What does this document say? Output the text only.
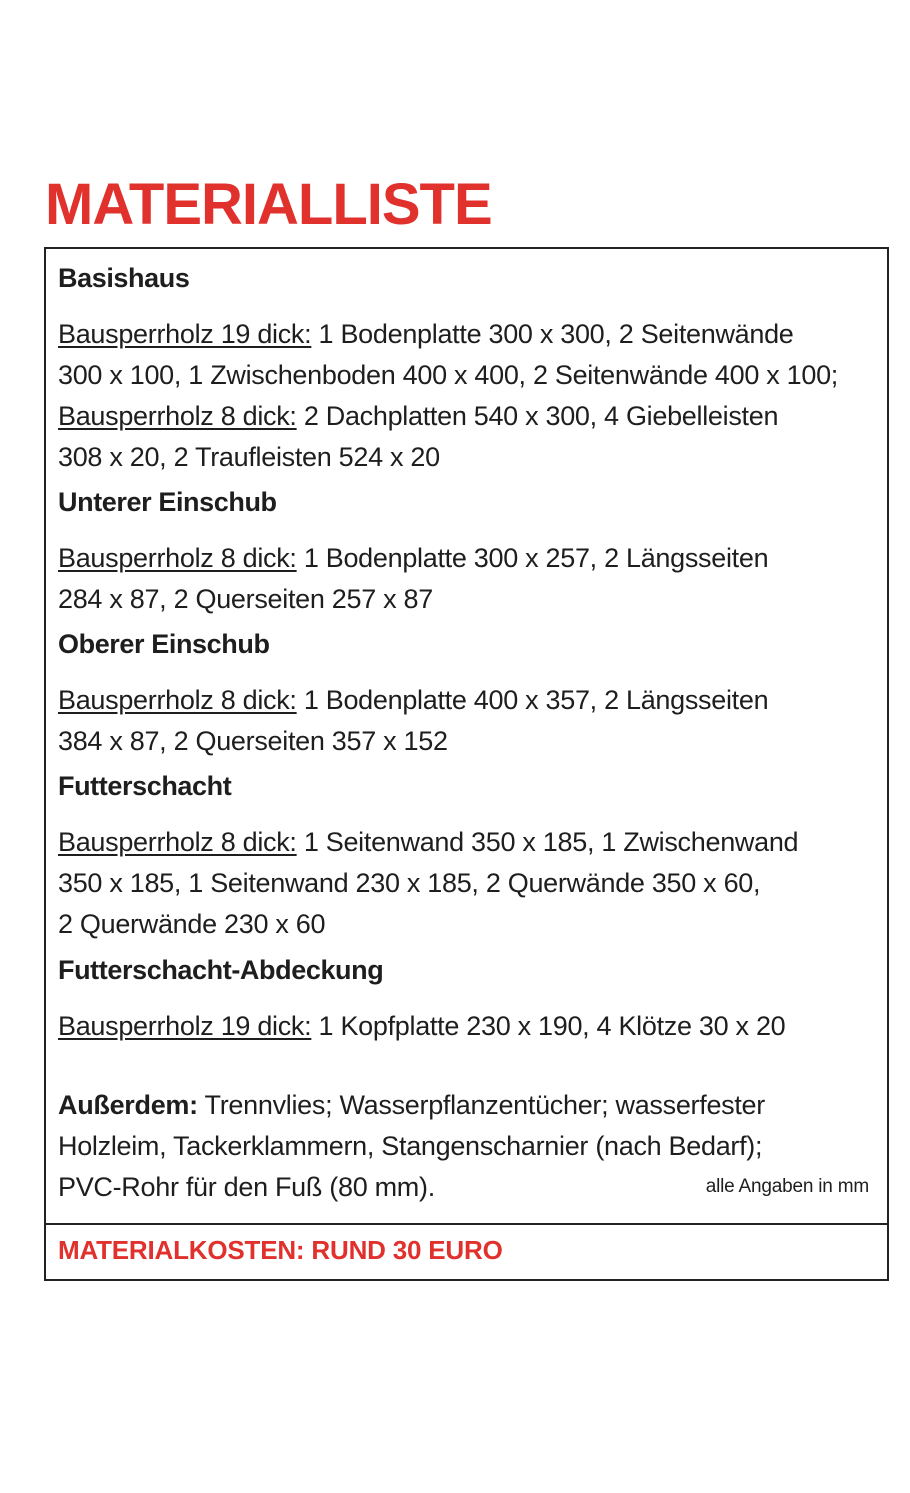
MATERIALLISTE

Basishaus

Bausperrholz 19 dick: 1 Bodenplatte 300 x 300, 2 Seitenwände

300 x 100, 1 Zwischenboden 400 x 400, 2 Seitenwände 400 x 100;

Bausperrholz 8 dick: 2 Dachplatten 540 x 300, 4 Giebelleisten

308 x 20, 2 Traufleisten 524 x 20

Unterer Einschub

Bausperrholz 8 dick: 1 Bodenplatte 300 x 257, 2 Längsseiten

284 x 87, 2 Querseiten 257 x 87

Oberer Einschub

Bausperrholz 8 dick: 1 Bodenplatte 400 x 357, 2 Längsseiten

384 x 87, 2 Querseiten 357 x 152

Futterschacht

Bausperrholz 8 dick: 1 Seitenwand 350 x 185, 1 Zwischenwand

350 x 185, 1 Seitenwand 230 x 185, 2 Querwände 350 x 60,

2 Querwände 230 x 60

Futterschacht-Abdeckung

Bausperrholz 19 dick: 1 Kopfplatte 230 x 190, 4 Klötze 30 x 20

Außerdem: Trennvlies; Wasserpflanzentücher; wasserfester

Holzleim, Tackerklammern, Stangenscharnier (nach Bedarf);

PVC-Rohr für den Fuß (80 mm).	alle Angaben in mm
MATERIALKOSTEN: RUND 30 EURO
